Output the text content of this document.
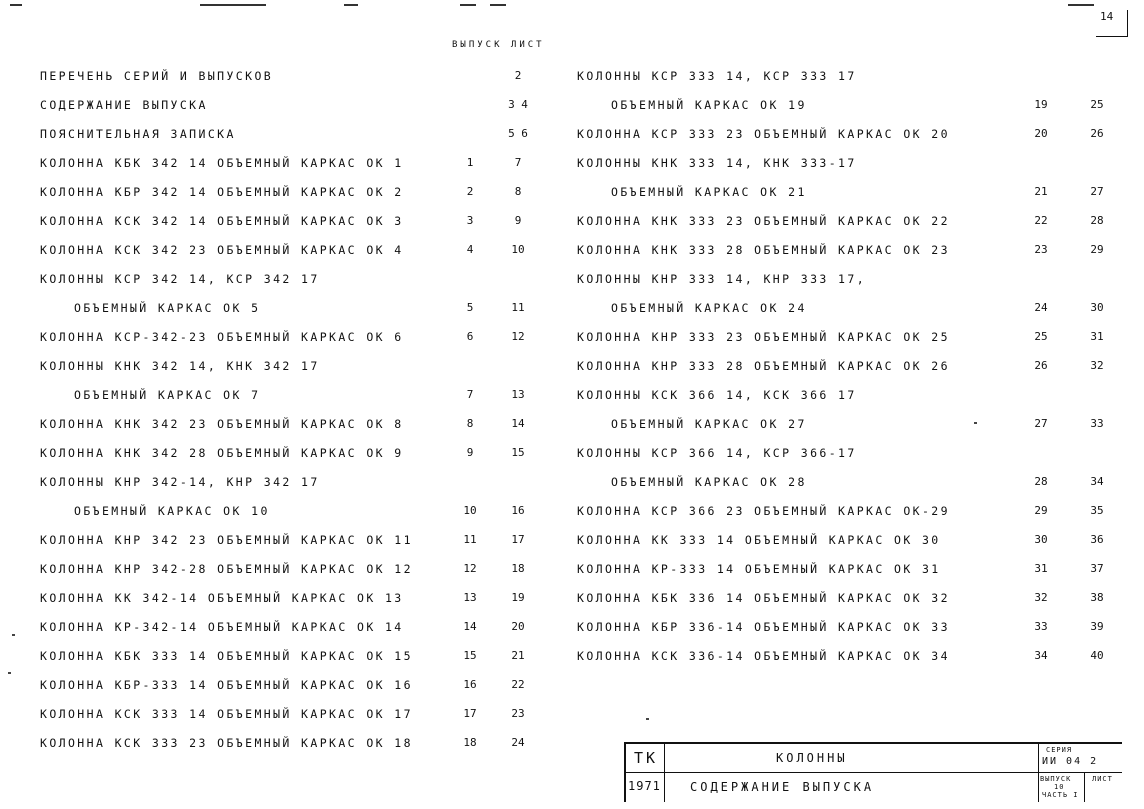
14
ВЫПУСК ЛИСТ
ПЕРЕЧЕНЬ СЕРИЙ И ВЫПУСКОВ	2
СОДЕРЖАНИЕ ВЫПУСКА	3 4
ПОЯСНИТЕЛЬНАЯ ЗАПИСКА	5 6
КОЛОННА КБК 342 14 ОБЪЕМНЫЙ КАРКАС ОК 1	1	7
КОЛОННА КБР 342 14 ОБЪЕМНЫЙ КАРКАС ОК 2	2	8
КОЛОННА КСК 342 14 ОБЪЕМНЫЙ КАРКАС ОК 3	3	9
КОЛОННА КСК 342 23 ОБЪЕМНЫЙ КАРКАС ОК 4	4	10
КОЛОННЫ КСР 342 14, КСР 342 17
ОБЪЕМНЫЙ КАРКАС ОК 5	5	11
КОЛОННА КСР-342-23 ОБЪЕМНЫЙ КАРКАС ОК 6	6	12
КОЛОННЫ КНК 342 14, КНК 342 17
ОБЪЕМНЫЙ КАРКАС ОК 7	7	13
КОЛОННА КНК 342 23 ОБЪЕМНЫЙ КАРКАС ОК 8	8	14
КОЛОННА КНК 342 28 ОБЪЕМНЫЙ КАРКАС ОК 9	9	15
КОЛОННЫ КНР 342-14, КНР 342 17
ОБЪЕМНЫЙ КАРКАС ОК 10	10	16
КОЛОННА КНР 342 23 ОБЪЕМНЫЙ КАРКАС ОК 11	11	17
КОЛОННА КНР 342-28 ОБЪЕМНЫЙ КАРКАС ОК 12	12	18
КОЛОННА КК 342-14 ОБЪЕМНЫЙ КАРКАС ОК 13	13	19
КОЛОННА КР-342-14 ОБЪЕМНЫЙ КАРКАС ОК 14	14	20
КОЛОННА КБК 333 14 ОБЪЕМНЫЙ КАРКАС ОК 15	15	21
КОЛОННА КБР-333 14 ОБЪЕМНЫЙ КАРКАС ОК 16	16	22
КОЛОННА КСК 333 14 ОБЪЕМНЫЙ КАРКАС ОК 17	17	23
КОЛОННА КСК 333 23 ОБЪЕМНЫЙ КАРКАС ОК 18	18	24
КОЛОННЫ КСР 333 14, КСР 333 17
ОБЪЕМНЫЙ КАРКАС ОК 19	19	25
КОЛОННА КСР 333 23 ОБЪЕМНЫЙ КАРКАС ОК 20	20	26
КОЛОННЫ КНК 333 14, КНК 333-17
ОБЪЕМНЫЙ КАРКАС ОК 21	21	27
КОЛОННА КНК 333 23 ОБЪЕМНЫЙ КАРКАС ОК 22	22	28
КОЛОННА КНК 333 28 ОБЪЕМНЫЙ КАРКАС ОК 23	23	29
КОЛОННЫ КНР 333 14, КНР 333 17,
ОБЪЕМНЫЙ КАРКАС ОК 24	24	30
КОЛОННА КНР 333 23 ОБЪЕМНЫЙ КАРКАС ОК 25	25	31
КОЛОННА КНР 333 28 ОБЪЕМНЫЙ КАРКАС ОК 26	26	32
КОЛОННЫ КСК 366 14, КСК 366 17
ОБЪЕМНЫЙ КАРКАС ОК 27	27	33
КОЛОННЫ КСР 366 14, КСР 366-17
ОБЪЕМНЫЙ КАРКАС ОК 28	28	34
КОЛОННА КСР 366 23 ОБЪЕМНЫЙ КАРКАС ОК-29	29	35
КОЛОННА КК 333 14 ОБЪЕМНЫЙ КАРКАС ОК 30	30	36
КОЛОННА КР-333 14 ОБЪЕМНЫЙ КАРКАС ОК 31	31	37
КОЛОННА КБК 336 14 ОБЪЕМНЫЙ КАРКАС ОК 32	32	38
КОЛОННА КБР 336-14 ОБЪЕМНЫЙ КАРКАС ОК 33	33	39
КОЛОННА КСК 336-14 ОБЪЕМНЫЙ КАРКАС ОК 34	34	40
ТК
1971
КОЛОННЫ
СОДЕРЖАНИЕ ВЫПУСКА
СЕРИЯ
ИИ 04 2
ВЫПУСК
10
ЧАСТЬ I
ЛИСТ
